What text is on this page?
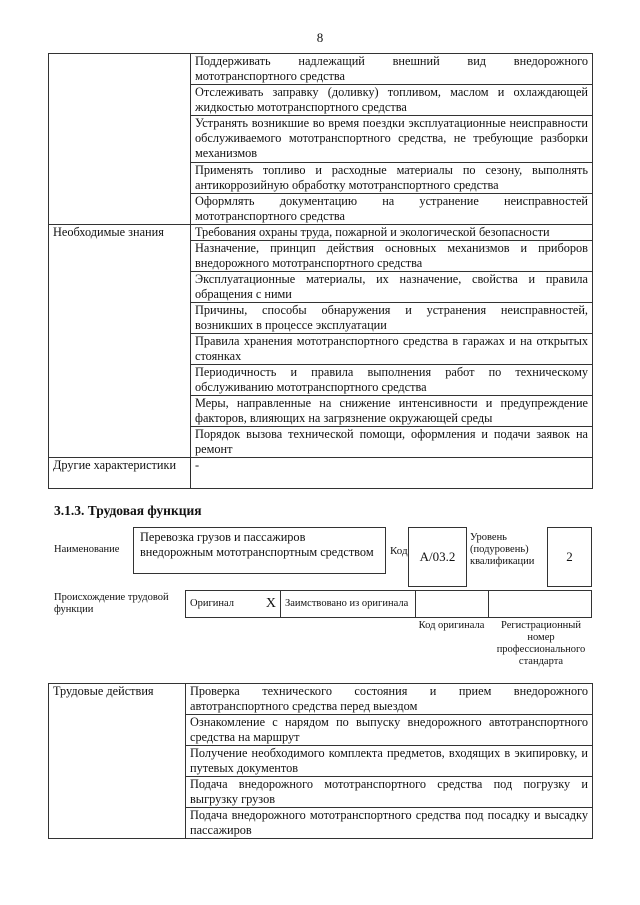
8
	Поддерживать надлежащий внешний вид внедорожного мототранспортного средства
	Отслеживать заправку (доливку) топливом, маслом и охлаждающей жидкостью мототранспортного средства
	Устранять возникшие во время поездки эксплуатационные неисправности обслуживаемого мототранспортного средства, не требующие разборки механизмов
	Применять топливо и расходные материалы по сезону, выполнять антикоррозийную обработку мототранспортного средства
	Оформлять документацию на устранение неисправностей мототранспортного средства
Необходимые знания	Требования охраны труда, пожарной и экологической безопасности
	Назначение, принцип действия основных механизмов и приборов внедорожного мототранспортного средства
	Эксплуатационные материалы, их назначение, свойства и правила обращения с ними
	Причины, способы обнаружения и устранения неисправностей, возникших в процессе эксплуатации
	Правила хранения мототранспортного средства в гаражах и на открытых стоянках
	Периодичность и правила выполнения работ по техническому обслуживанию мототранспортного средства
	Меры, направленные на снижение интенсивности и предупреждение факторов, влияющих на загрязнение окружающей среды
	Порядок вызова технической помощи, оформления и подачи заявок на ремонт
Другие характеристики	-
3.1.3. Трудовая функция
Наименование
Перевозка грузов и пассажиров внедорожным мототранспортным средством	Код A/03.2
Уровень (подуровень) квалификации	2
Происхождение трудовой функции
Оригинал X Заимствовано из оригинала
Код оригинала	Регистрационный номер профессионального стандарта
Трудовые действия	Проверка технического состояния и прием внедорожного автотранспортного средства перед выездом
Ознакомление с нарядом по выпуску внедорожного автотранспортного средства на маршрут
Получение необходимого комплекта предметов, входящих в экипировку, и путевых документов
Подача внедорожного мототранспортного средства под погрузку и выгрузку грузов
Подача внедорожного мототранспортного средства под посадку и высадку пассажиров
